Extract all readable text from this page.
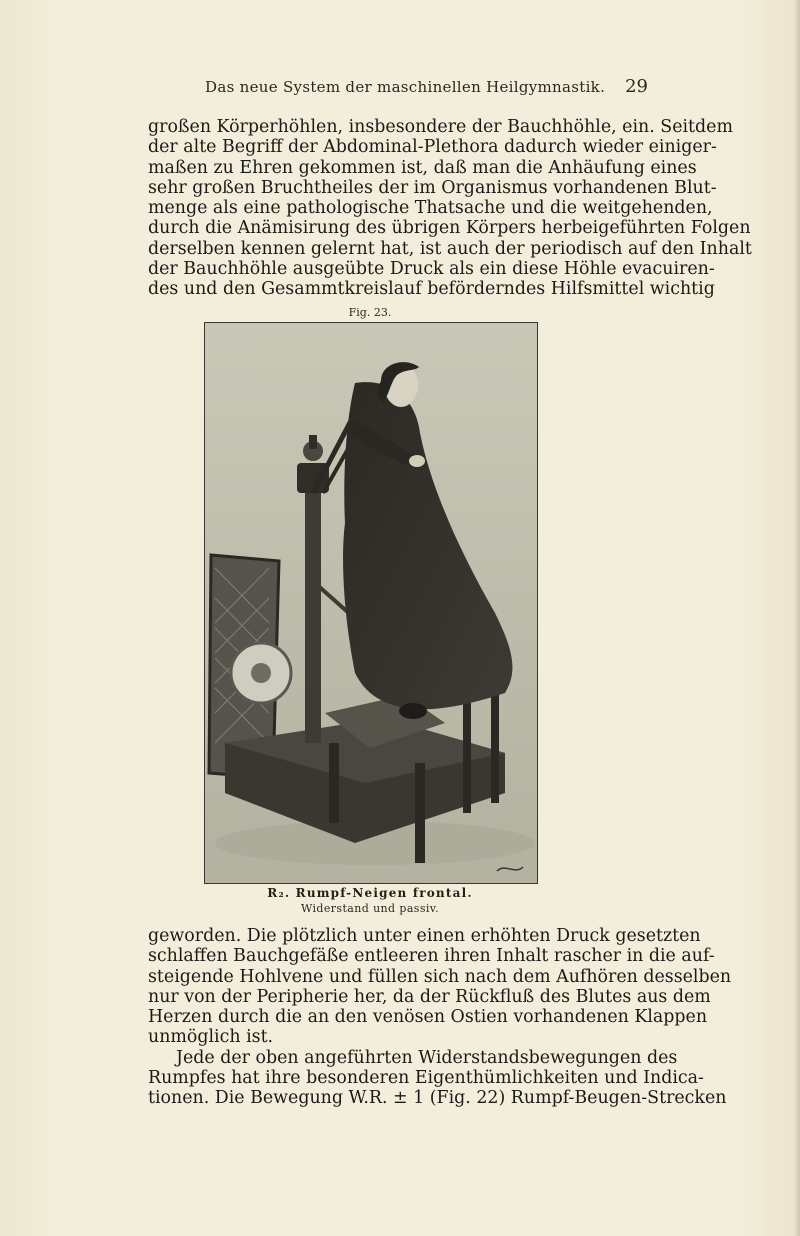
Das neue System der maschinellen Heilgymnastik. 29
großen Körperhöhlen, insbesondere der Bauchhöhle, ein. Seitdem
der alte Begriff der Abdominal-Plethora dadurch wieder einiger-
maßen zu Ehren gekommen ist, daß man die Anhäufung eines
sehr großen Bruchtheiles der im Organismus vorhandenen Blut-
menge als eine pathologische Thatsache und die weitgehenden,
durch die Anämisirung des übrigen Körpers herbeigeführten Folgen
derselben kennen gelernt hat, ist auch der periodisch auf den Inhalt
der Bauchhöhle ausgeübte Druck als ein diese Höhle evacuiren-
des und den Gesammtkreislauf beförderndes Hilfsmittel wichtig
Fig. 23.
R₂. Rumpf-Neigen frontal.
Widerstand und passiv.
geworden. Die plötzlich unter einen erhöhten Druck gesetzten
schlaffen Bauchgefäße entleeren ihren Inhalt rascher in die auf-
steigende Hohlvene und füllen sich nach dem Aufhören desselben
nur von der Peripherie her, da der Rückfluß des Blutes aus dem
Herzen durch die an den venösen Ostien vorhandenen Klappen
unmöglich ist.
Jede der oben angeführten Widerstandsbewegungen des
Rumpfes hat ihre besonderen Eigenthümlichkeiten und Indica-
tionen. Die Bewegung W.R. ± 1 (Fig. 22) Rumpf-Beugen-Strecken
